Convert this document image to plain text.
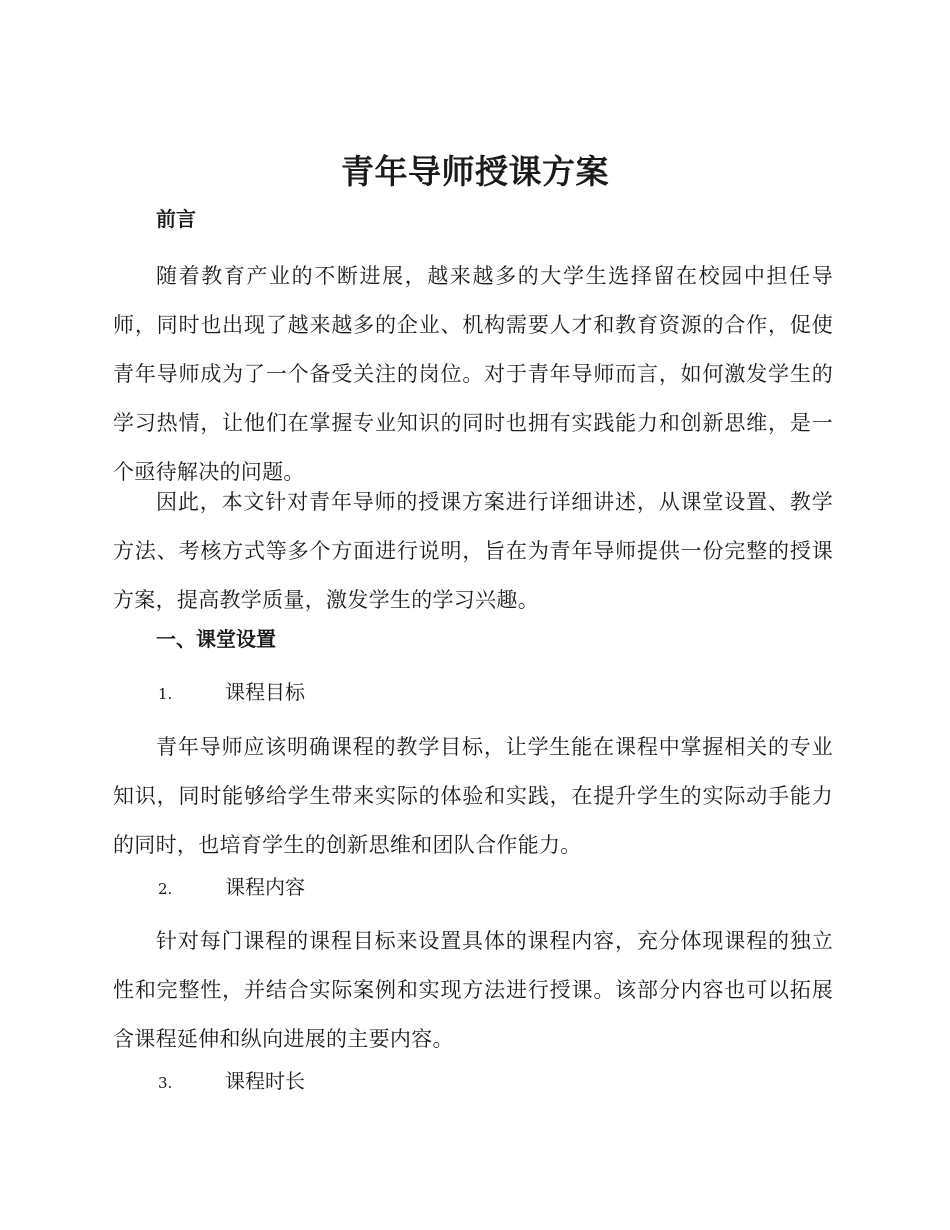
青年导师授课方案
前言

随着教育产业的不断进展，越来越多的大学生选择留在校园中担任导师，同时也出现了越来越多的企业、机构需要人才和教育资源的合作，促使青年导师成为了一个备受关注的岗位。对于青年导师而言，如何激发学生的学习热情，让他们在掌握专业知识的同时也拥有实践能力和创新思维，是一个亟待解决的问题。

因此，本文针对青年导师的授课方案进行详细讲述，从课堂设置、教学方法、考核方式等多个方面进行说明，旨在为青年导师提供一份完整的授课方案，提高教学质量，激发学生的学习兴趣。

一、课堂设置
1.	课程目标

青年导师应该明确课程的教学目标，让学生能在课程中掌握相关的专业知识，同时能够给学生带来实际的体验和实践，在提升学生的实际动手能力的同时，也培育学生的创新思维和团队合作能力。

2.	课程内容

针对每门课程的课程目标来设置具体的课程内容，充分体现课程的独立性和完整性，并结合实际案例和实现方法进行授课。该部分内容也可以拓展含课程延伸和纵向进展的主要内容。

3.	课程时长
